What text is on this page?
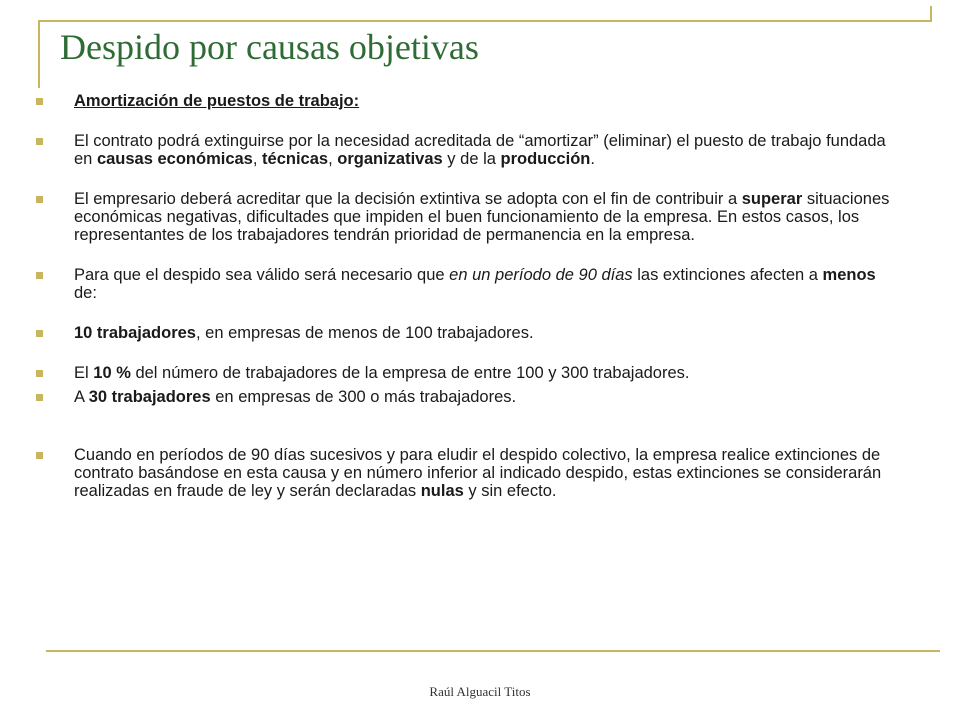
Despido por causas objetivas
Amortización de puestos de trabajo:
El contrato podrá extinguirse por la necesidad acreditada de “amortizar” (eliminar) el puesto de trabajo fundada en causas económicas, técnicas, organizativas y de la producción.
El empresario deberá acreditar que la decisión extintiva se adopta con el fin de contribuir a superar situaciones económicas negativas, dificultades que impiden el buen funcionamiento de la empresa. En estos casos, los representantes de los trabajadores tendrán prioridad de permanencia en la empresa.
Para que el despido sea válido será necesario que en un período de 90 días las extinciones afecten a menos de:
10 trabajadores, en empresas de menos de 100 trabajadores.
El 10 % del número de trabajadores de la empresa de entre 100 y 300 trabajadores.
A 30 trabajadores en empresas de 300 o más trabajadores.
Cuando en períodos de 90 días sucesivos y para eludir el despido colectivo, la empresa realice extinciones de contrato basándose en esta causa y en número inferior al indicado despido, estas extinciones se considerarán realizadas en fraude de ley y serán declaradas nulas y sin efecto.
Raúl Alguacil Titos
